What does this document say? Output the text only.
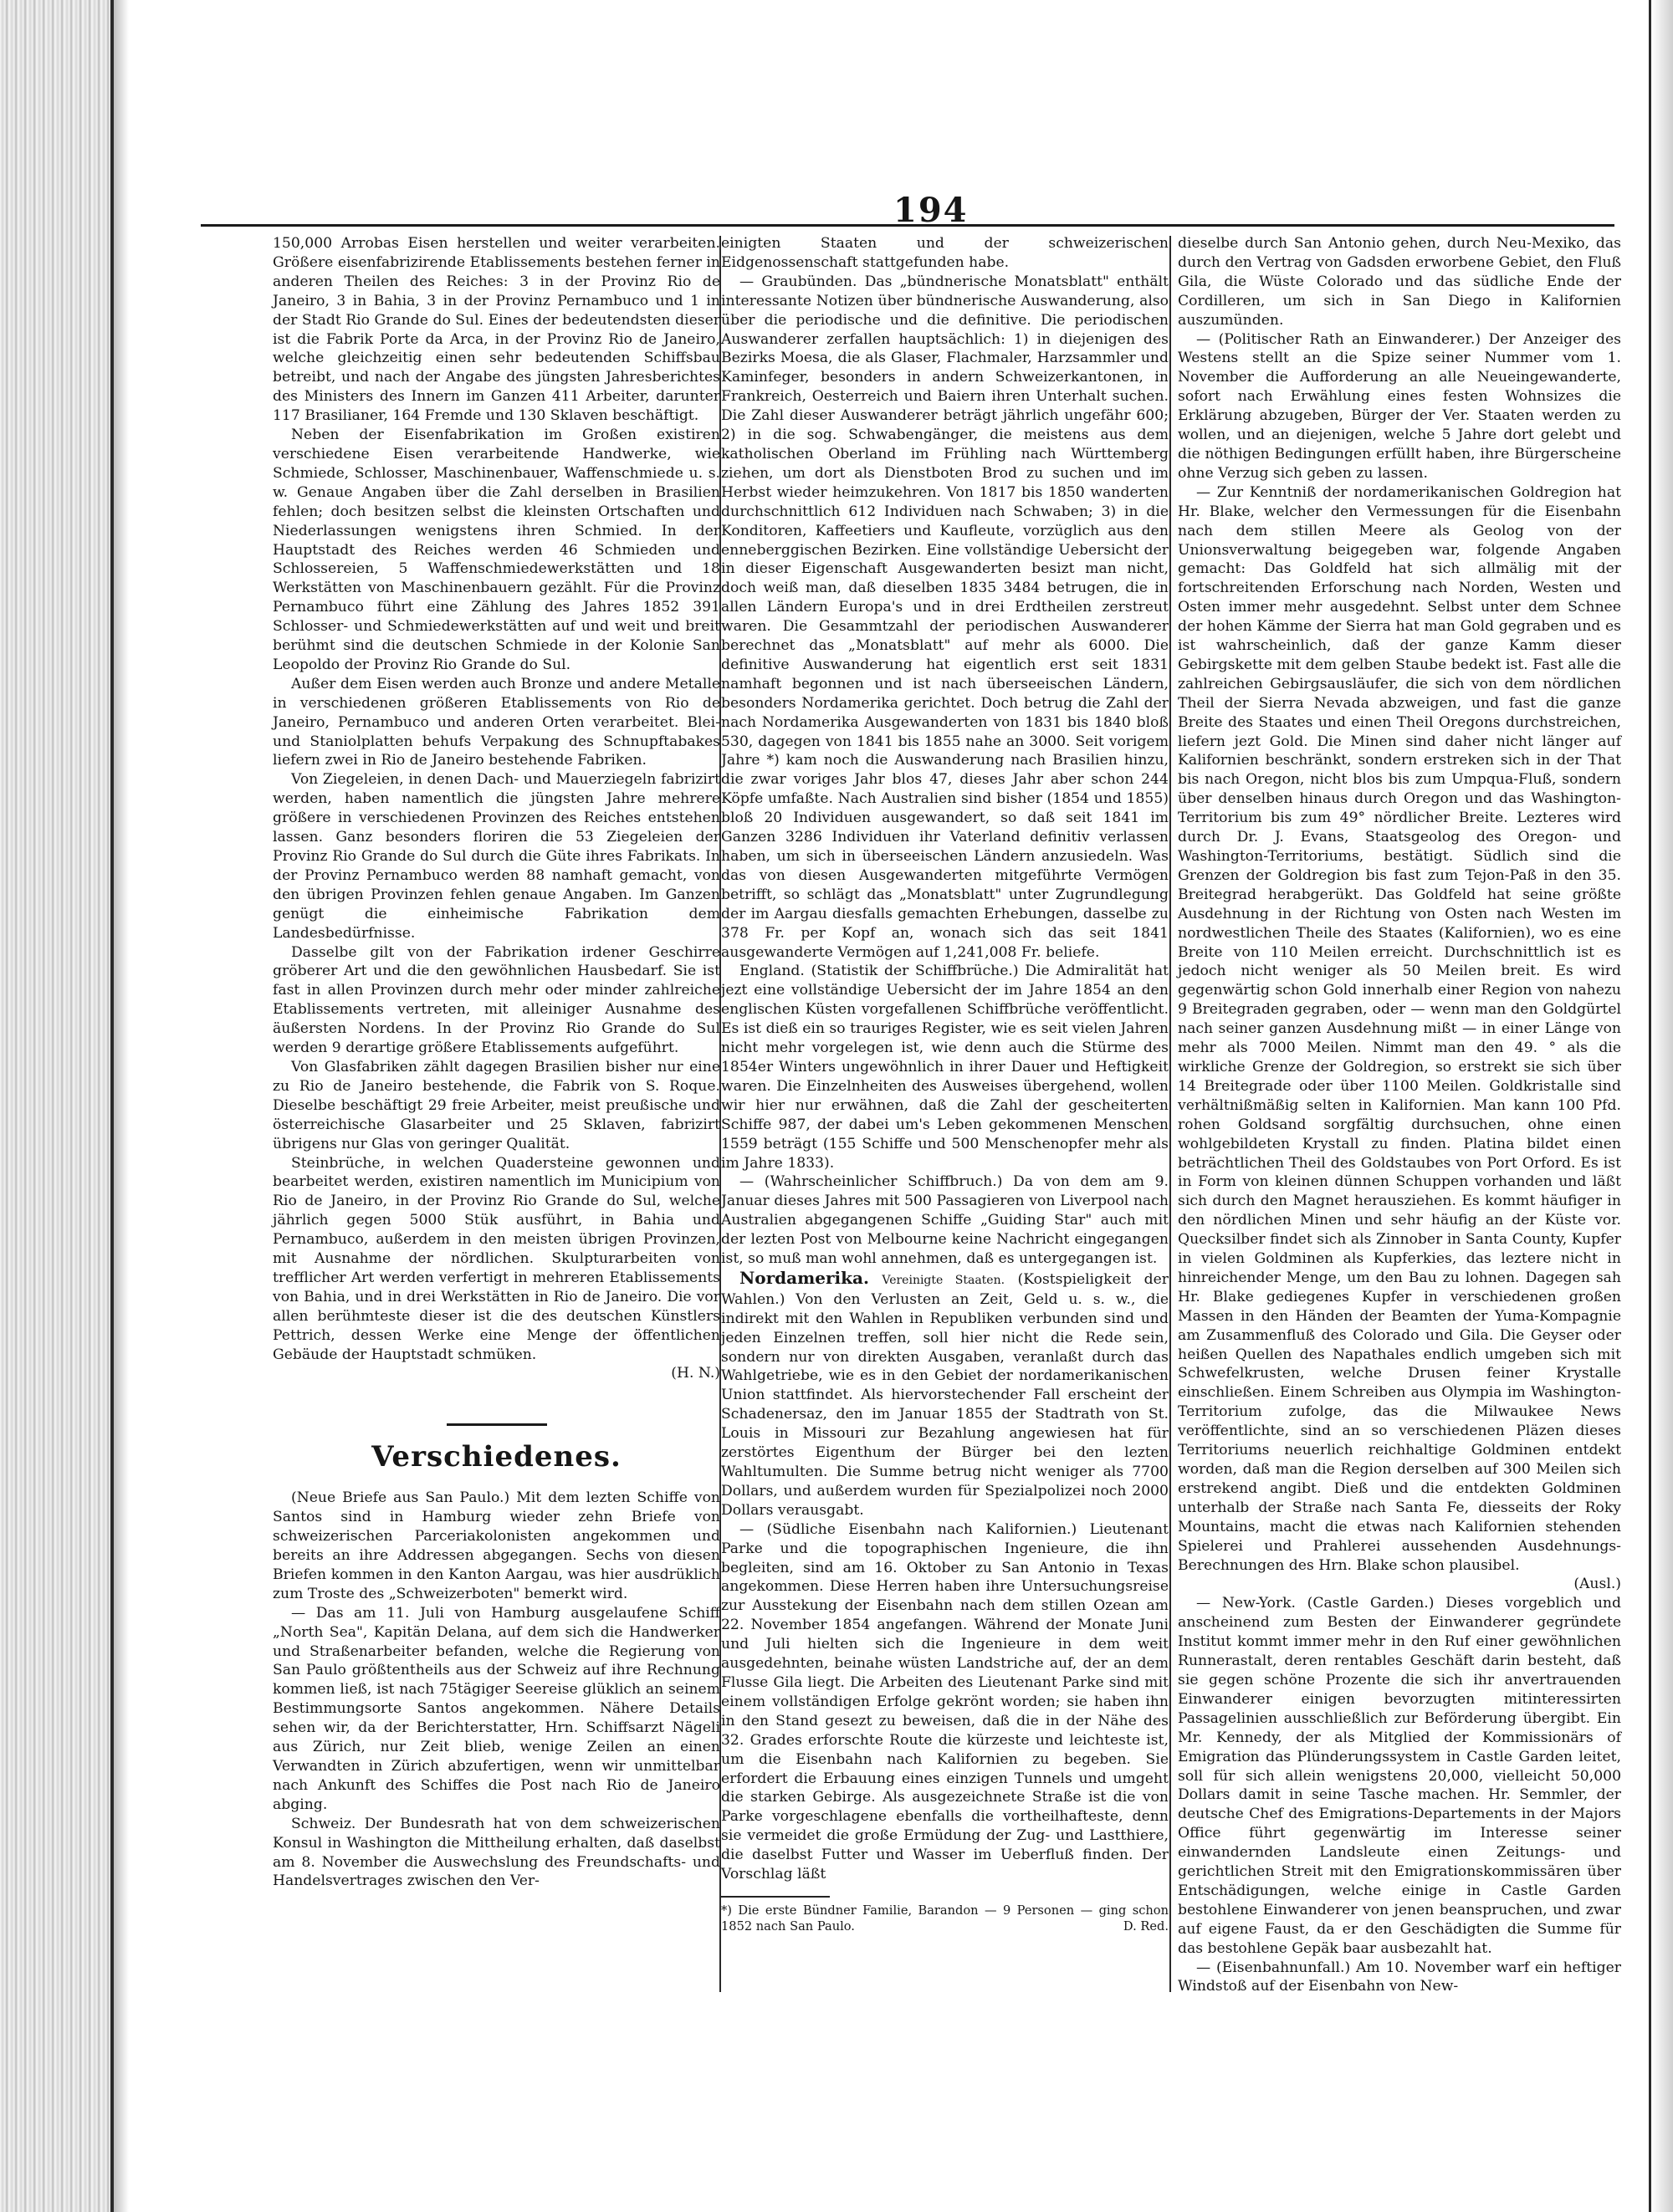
194

150,000 Arrobas Eisen herstellen und weiter verarbeiten. Größere eisenfabrizirende Etablissements bestehen ferner in anderen Theilen des Reiches: 3 in der Provinz Rio de Janeiro, 3 in Bahia, 3 in der Provinz Pernambuco und 1 in der Stadt Rio Grande do Sul. Eines der bedeutendsten dieser ist die Fabrik Porte da Arca, in der Provinz Rio de Janeiro, welche gleichzeitig einen sehr bedeutenden Schiffsbau betreibt, und nach der Angabe des jüngsten Jahresberichtes des Ministers des Innern im Ganzen 411 Arbeiter, darunter 117 Brasilianer, 164 Fremde und 130 Sklaven beschäftigt.

Neben der Eisenfabrikation im Großen existiren verschiedene Eisen verarbeitende Handwerke, wie Schmiede, Schlosser, Maschinenbauer, Waffenschmiede u. s. w. Genaue Angaben über die Zahl derselben in Brasilien fehlen; doch besitzen selbst die kleinsten Ortschaften und Niederlassungen wenigstens ihren Schmied. In der Hauptstadt des Reiches werden 46 Schmieden und Schlossereien, 5 Waffenschmiedewerkstätten und 18 Werkstätten von Maschinenbauern gezählt. Für die Provinz Pernambuco führt eine Zählung des Jahres 1852 391 Schlosser- und Schmiedewerkstätten auf und weit und breit berühmt sind die deutschen Schmiede in der Kolonie San Leopoldo der Provinz Rio Grande do Sul.

Außer dem Eisen werden auch Bronze und andere Metalle in verschiedenen größeren Etablissements von Rio de Janeiro, Pernambuco und anderen Orten verarbeitet. Blei- und Staniolplatten behufs Verpakung des Schnupftabakes liefern zwei in Rio de Janeiro bestehende Fabriken.

Von Ziegeleien, in denen Dach- und Mauerziegeln fabrizirt werden, haben namentlich die jüngsten Jahre mehrere größere in verschiedenen Provinzen des Reiches entstehen lassen. Ganz besonders floriren die 53 Ziegeleien der Provinz Rio Grande do Sul durch die Güte ihres Fabrikats. In der Provinz Pernambuco werden 88 namhaft gemacht, von den übrigen Provinzen fehlen genaue Angaben. Im Ganzen genügt die einheimische Fabrikation dem Landesbedürfnisse.

Dasselbe gilt von der Fabrikation irdener Geschirre gröberer Art und die den gewöhnlichen Hausbedarf. Sie ist fast in allen Provinzen durch mehr oder minder zahlreiche Etablissements vertreten, mit alleiniger Ausnahme des äußersten Nordens. In der Provinz Rio Grande do Sul werden 9 derartige größere Etablissements aufgeführt.

Von Glasfabriken zählt dagegen Brasilien bisher nur eine zu Rio de Janeiro bestehende, die Fabrik von S. Roque. Dieselbe beschäftigt 29 freie Arbeiter, meist preußische und österreichische Glasarbeiter und 25 Sklaven, fabrizirt übrigens nur Glas von geringer Qualität.

Steinbrüche, in welchen Quadersteine gewonnen und bearbeitet werden, existiren namentlich im Municipium von Rio de Janeiro, in der Provinz Rio Grande do Sul, welche jährlich gegen 5000 Stük ausführt, in Bahia und Pernambuco, außerdem in den meisten übrigen Provinzen, mit Ausnahme der nördlichen. Skulpturarbeiten von trefflicher Art werden verfertigt in mehreren Etablissements von Bahia, und in drei Werkstätten in Rio de Janeiro. Die vor allen berühmteste dieser ist die des deutschen Künstlers Pettrich, dessen Werke eine Menge der öffentlichen Gebäude der Hauptstadt schmüken.

(H. N.)
Verschiedenes.

(Neue Briefe aus San Paulo.) Mit dem lezten Schiffe von Santos sind in Hamburg wieder zehn Briefe von schweizerischen Parceriakolonisten angekommen und bereits an ihre Addressen abgegangen. Sechs von diesen Briefen kommen in den Kanton Aargau, was hier ausdrüklich zum Troste des „Schweizerboten" bemerkt wird.

— Das am 11. Juli von Hamburg ausgelaufene Schiff „North Sea", Kapitän Delana, auf dem sich die Handwerker und Straßenarbeiter befanden, welche die Regierung von San Paulo größtentheils aus der Schweiz auf ihre Rechnung kommen ließ, ist nach 75tägiger Seereise glüklich an seinem Bestimmungsorte Santos angekommen. Nähere Details sehen wir, da der Berichterstatter, Hrn. Schiffsarzt Nägeli aus Zürich, nur Zeit blieb, wenige Zeilen an einen Verwandten in Zürich abzufertigen, wenn wir unmittelbar nach Ankunft des Schiffes die Post nach Rio de Janeiro abging.

Schweiz. Der Bundesrath hat von dem schweizerischen Konsul in Washington die Mittheilung erhalten, daß daselbst am 8. November die Auswechslung des Freundschafts- und Handelsvertrages zwischen den Ver-

einigten Staaten und der schweizerischen Eidgenossenschaft stattgefunden habe.

— Graubünden. Das „bündnerische Monatsblatt" enthält interessante Notizen über bündnerische Auswanderung, also über die periodische und die definitive. Die periodischen Auswanderer zerfallen hauptsächlich: 1) in diejenigen des Bezirks Moesa, die als Glaser, Flachmaler, Harzsammler und Kaminfeger, besonders in andern Schweizerkantonen, in Frankreich, Oesterreich und Baiern ihren Unterhalt suchen. Die Zahl dieser Auswanderer beträgt jährlich ungefähr 600; 2) in die sog. Schwabengänger, die meistens aus dem katholischen Oberland im Frühling nach Württemberg ziehen, um dort als Dienstboten Brod zu suchen und im Herbst wieder heimzukehren. Von 1817 bis 1850 wanderten durchschnittlich 612 Individuen nach Schwaben; 3) in die Konditoren, Kaffeetiers und Kaufleute, vorzüglich aus den enneberggischen Bezirken. Eine vollständige Uebersicht der in dieser Eigenschaft Ausgewanderten besizt man nicht, doch weiß man, daß dieselben 1835 3484 betrugen, die in allen Ländern Europa's und in drei Erdtheilen zerstreut waren. Die Gesammtzahl der periodischen Auswanderer berechnet das „Monatsblatt" auf mehr als 6000. Die definitive Auswanderung hat eigentlich erst seit 1831 namhaft begonnen und ist nach überseeischen Ländern, besonders Nordamerika gerichtet. Doch betrug die Zahl der nach Nordamerika Ausgewanderten von 1831 bis 1840 bloß 530, dagegen von 1841 bis 1855 nahe an 3000. Seit vorigem Jahre *) kam noch die Auswanderung nach Brasilien hinzu, die zwar voriges Jahr blos 47, dieses Jahr aber schon 244 Köpfe umfaßte. Nach Australien sind bisher (1854 und 1855) bloß 20 Individuen ausgewandert, so daß seit 1841 im Ganzen 3286 Individuen ihr Vaterland definitiv verlassen haben, um sich in überseeischen Ländern anzusiedeln. Was das von diesen Ausgewanderten mitgeführte Vermögen betrifft, so schlägt das „Monatsblatt" unter Zugrundlegung der im Aargau diesfalls gemachten Erhebungen, dasselbe zu 378 Fr. per Kopf an, wonach sich das seit 1841 ausgewanderte Vermögen auf 1,241,008 Fr. beliefe.

England. (Statistik der Schiffbrüche.) Die Admiralität hat jezt eine vollständige Uebersicht der im Jahre 1854 an den englischen Küsten vorgefallenen Schiffbrüche veröffentlicht. Es ist dieß ein so trauriges Register, wie es seit vielen Jahren nicht mehr vorgelegen ist, wie denn auch die Stürme des 1854er Winters ungewöhnlich in ihrer Dauer und Heftigkeit waren. Die Einzelnheiten des Ausweises übergehend, wollen wir hier nur erwähnen, daß die Zahl der gescheiterten Schiffe 987, der dabei um's Leben gekommenen Menschen 1559 beträgt (155 Schiffe und 500 Menschenopfer mehr als im Jahre 1833).

— (Wahrscheinlicher Schiffbruch.) Da von dem am 9. Januar dieses Jahres mit 500 Passagieren von Liverpool nach Australien abgegangenen Schiffe „Guiding Star" auch mit der lezten Post von Melbourne keine Nachricht eingegangen ist, so muß man wohl annehmen, daß es untergegangen ist.

Nordamerika. Vereinigte Staaten. (Kostspieligkeit der Wahlen.) Von den Verlusten an Zeit, Geld u. s. w., die indirekt mit den Wahlen in Republiken verbunden sind und jeden Einzelnen treffen, soll hier nicht die Rede sein, sondern nur von direkten Ausgaben, veranlaßt durch das Wahlgetriebe, wie es in den Gebiet der nordamerikanischen Union stattfindet. Als hiervorstechender Fall erscheint der Schadenersaz, den im Januar 1855 der Stadtrath von St. Louis in Missouri zur Bezahlung angewiesen hat für zerstörtes Eigenthum der Bürger bei den lezten Wahltumulten. Die Summe betrug nicht weniger als 7700 Dollars, und außerdem wurden für Spezialpolizei noch 2000 Dollars verausgabt.

— (Südliche Eisenbahn nach Kalifornien.) Lieutenant Parke und die topographischen Ingenieure, die ihn begleiten, sind am 16. Oktober zu San Antonio in Texas angekommen. Diese Herren haben ihre Untersuchungsreise zur Ausstekung der Eisenbahn nach dem stillen Ozean am 22. November 1854 angefangen. Während der Monate Juni und Juli hielten sich die Ingenieure in dem weit ausgedehnten, beinahe wüsten Landstriche auf, der an dem Flusse Gila liegt. Die Arbeiten des Lieutenant Parke sind mit einem vollständigen Erfolge gekrönt worden; sie haben ihn in den Stand gesezt zu beweisen, daß die in der Nähe des 32. Grades erforschte Route die kürzeste und leichteste ist, um die Eisenbahn nach Kalifornien zu begeben. Sie erfordert die Erbauung eines einzigen Tunnels und umgeht die starken Gebirge. Als ausgezeichnete Straße ist die von Parke vorgeschlagene ebenfalls die vortheilhafteste, denn sie vermeidet die große Ermüdung der Zug- und Lastthiere, die daselbst Futter und Wasser im Ueberfluß finden. Der Vorschlag läßt

*) Die erste Bündner Familie, Barandon — 9 Personen — ging schon 1852 nach San Paulo.	D. Red.

dieselbe durch San Antonio gehen, durch Neu-Mexiko, das durch den Vertrag von Gadsden erworbene Gebiet, den Fluß Gila, die Wüste Colorado und das südliche Ende der Cordilleren, um sich in San Diego in Kalifornien auszumünden.

— (Politischer Rath an Einwanderer.) Der Anzeiger des Westens stellt an die Spize seiner Nummer vom 1. November die Aufforderung an alle Neueingewanderte, sofort nach Erwählung eines festen Wohnsizes die Erklärung abzugeben, Bürger der Ver. Staaten werden zu wollen, und an diejenigen, welche 5 Jahre dort gelebt und die nöthigen Bedingungen erfüllt haben, ihre Bürgerscheine ohne Verzug sich geben zu lassen.

— Zur Kenntniß der nordamerikanischen Goldregion hat Hr. Blake, welcher den Vermessungen für die Eisenbahn nach dem stillen Meere als Geolog von der Unionsverwaltung beigegeben war, folgende Angaben gemacht: Das Goldfeld hat sich allmälig mit der fortschreitenden Erforschung nach Norden, Westen und Osten immer mehr ausgedehnt. Selbst unter dem Schnee der hohen Kämme der Sierra hat man Gold gegraben und es ist wahrscheinlich, daß der ganze Kamm dieser Gebirgskette mit dem gelben Staube bedekt ist. Fast alle die zahlreichen Gebirgsausläufer, die sich von dem nördlichen Theil der Sierra Nevada abzweigen, und fast die ganze Breite des Staates und einen Theil Oregons durchstreichen, liefern jezt Gold. Die Minen sind daher nicht länger auf Kalifornien beschränkt, sondern erstreken sich in der That bis nach Oregon, nicht blos bis zum Umpqua-Fluß, sondern über denselben hinaus durch Oregon und das Washington-Territorium bis zum 49° nördlicher Breite. Lezteres wird durch Dr. J. Evans, Staatsgeolog des Oregon- und Washington-Territoriums, bestätigt. Südlich sind die Grenzen der Goldregion bis fast zum Tejon-Paß in den 35. Breitegrad herabgerükt. Das Goldfeld hat seine größte Ausdehnung in der Richtung von Osten nach Westen im nordwestlichen Theile des Staates (Kalifornien), wo es eine Breite von 110 Meilen erreicht. Durchschnittlich ist es jedoch nicht weniger als 50 Meilen breit. Es wird gegenwärtig schon Gold innerhalb einer Region von nahezu 9 Breitegraden gegraben, oder — wenn man den Goldgürtel nach seiner ganzen Ausdehnung mißt — in einer Länge von mehr als 7000 Meilen. Nimmt man den 49. ° als die wirkliche Grenze der Goldregion, so erstrekt sie sich über 14 Breitegrade oder über 1100 Meilen. Goldkristalle sind verhältnißmäßig selten in Kalifornien. Man kann 100 Pfd. rohen Goldsand sorgfältig durchsuchen, ohne einen wohlgebildeten Krystall zu finden. Platina bildet einen beträchtlichen Theil des Goldstaubes von Port Orford. Es ist in Form von kleinen dünnen Schuppen vorhanden und läßt sich durch den Magnet herausziehen. Es kommt häufiger in den nördlichen Minen und sehr häufig an der Küste vor. Quecksilber findet sich als Zinnober in Santa County, Kupfer in vielen Goldminen als Kupferkies, das leztere nicht in hinreichender Menge, um den Bau zu lohnen. Dagegen sah Hr. Blake gediegenes Kupfer in verschiedenen großen Massen in den Händen der Beamten der Yuma-Kompagnie am Zusammenfluß des Colorado und Gila. Die Geyser oder heißen Quellen des Napathales endlich umgeben sich mit Schwefelkrusten, welche Drusen feiner Krystalle einschließen. Einem Schreiben aus Olympia im Washington-Territorium zufolge, das die Milwaukee News veröffentlichte, sind an so verschiedenen Pläzen dieses Territoriums neuerlich reichhaltige Goldminen entdekt worden, daß man die Region derselben auf 300 Meilen sich erstrekend angibt. Dieß und die entdekten Goldminen unterhalb der Straße nach Santa Fe, diesseits der Roky Mountains, macht die etwas nach Kalifornien stehenden Spielerei und Prahlerei aussehenden Ausdehnungs-Berechnungen des Hrn. Blake schon plausibel.

(Ausl.)

— New-York. (Castle Garden.) Dieses vorgeblich und anscheinend zum Besten der Einwanderer gegründete Institut kommt immer mehr in den Ruf einer gewöhnlichen Runnerastalt, deren rentables Geschäft darin besteht, daß sie gegen schöne Prozente die sich ihr anvertrauenden Einwanderer einigen bevorzugten mitinteressirten Passagelinien ausschließlich zur Beförderung übergibt. Ein Mr. Kennedy, der als Mitglied der Kommissionärs of Emigration das Plünderungssystem in Castle Garden leitet, soll für sich allein wenigstens 20,000, vielleicht 50,000 Dollars damit in seine Tasche machen. Hr. Semmler, der deutsche Chef des Emigrations-Departements in der Majors Office führt gegenwärtig im Interesse seiner einwandernden Landsleute einen Zeitungs- und gerichtlichen Streit mit den Emigrationskommissären über Entschädigungen, welche einige in Castle Garden bestohlene Einwanderer von jenen beanspruchen, und zwar auf eigene Faust, da er den Geschädigten die Summe für das bestohlene Gepäk baar ausbezahlt hat.

— (Eisenbahnunfall.) Am 10. November warf ein heftiger Windstoß auf der Eisenbahn von New-
